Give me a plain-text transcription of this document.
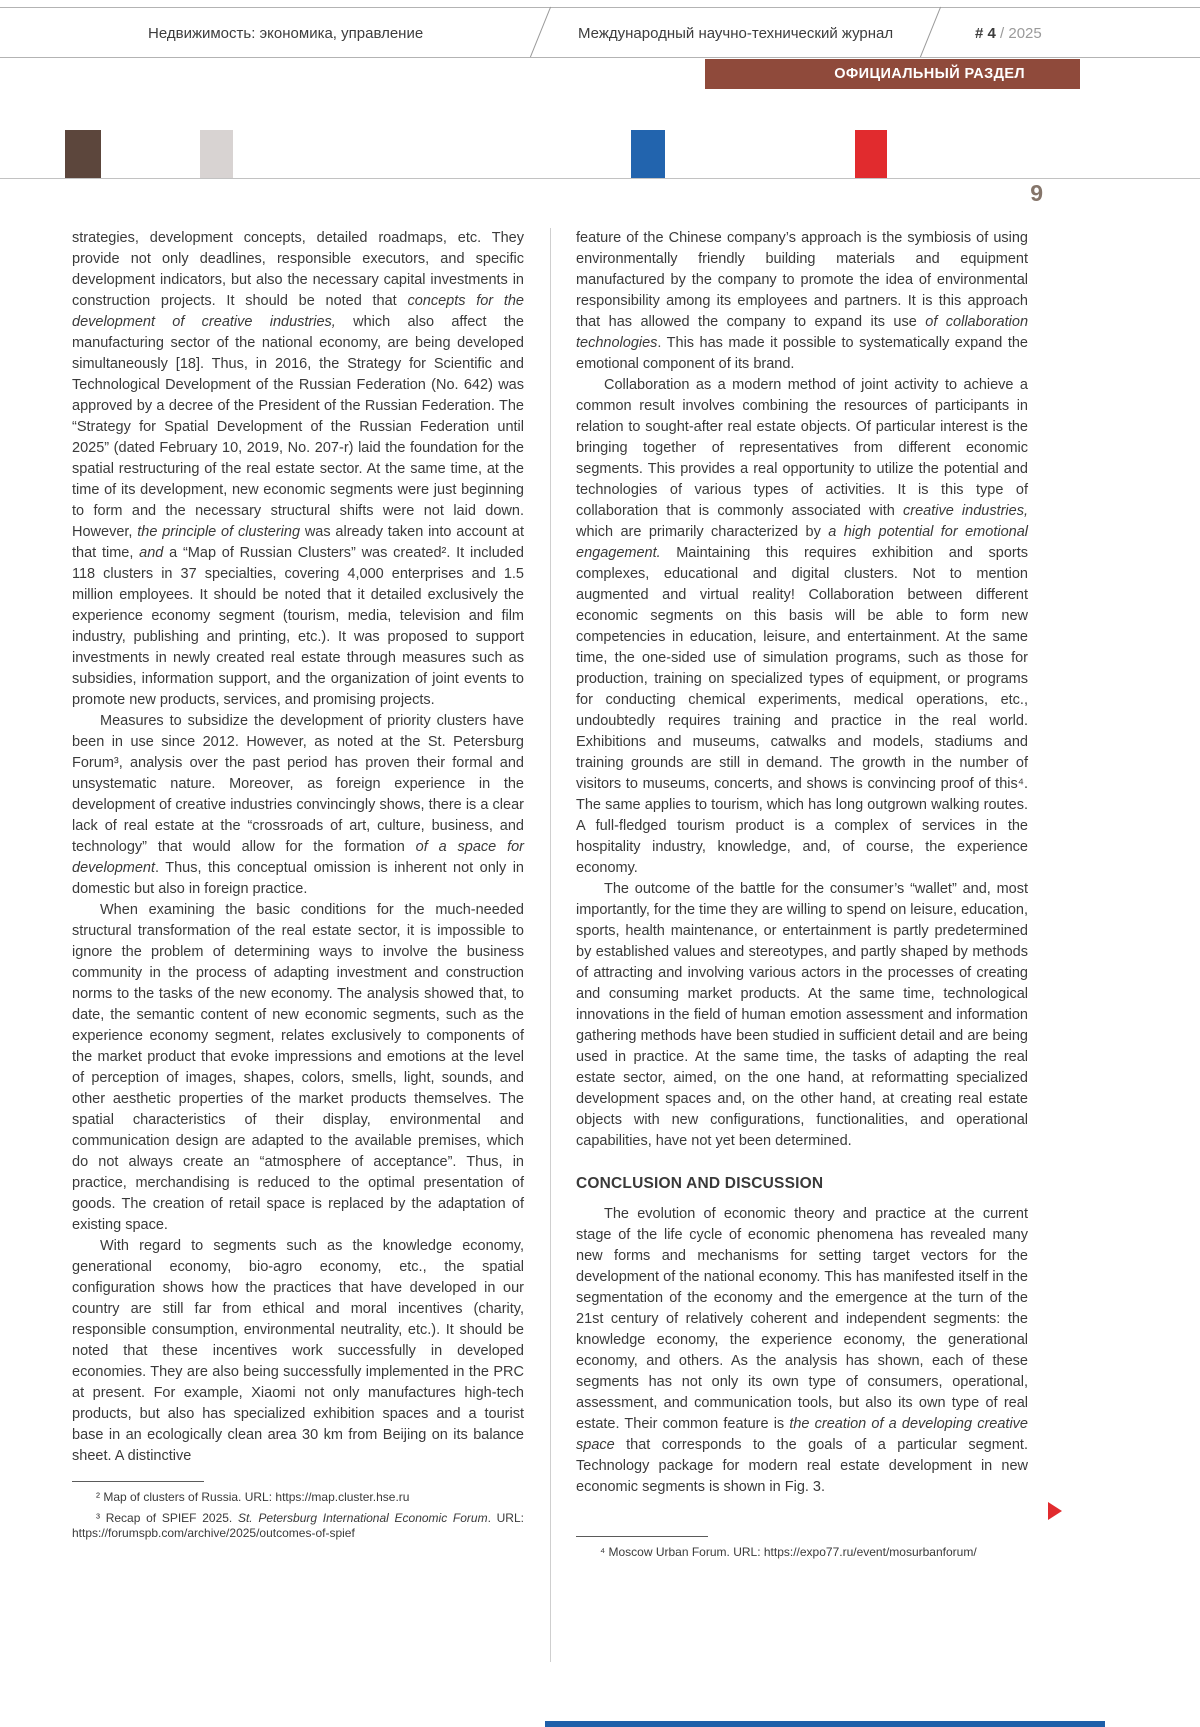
Недвижимость: экономика, управление	Международный научно-технический журнал	# 4 / 2025
ОФИЦИАЛЬНЫЙ РАЗДЕЛ
9

strategies, development concepts, detailed roadmaps, etc. They provide not only deadlines, responsible executors, and specific development indicators, but also the necessary capital investments in construction projects. It should be noted that concepts for the development of creative industries, which also affect the manufacturing sector of the national economy, are being developed simultaneously [18]. Thus, in 2016, the Strategy for Scientific and Technological Development of the Russian Federation (No. 642) was approved by a decree of the President of the Russian Federation. The “Strategy for Spatial Development of the Russian Federation until 2025” (dated February 10, 2019, No. 207-r) laid the foundation for the spatial restructuring of the real estate sector. At the same time, at the time of its development, new economic segments were just beginning to form and the necessary structural shifts were not laid down. However, the principle of clustering was already taken into account at that time, and a “Map of Russian Clusters” was created². It included 118 clusters in 37 specialties, covering 4,000 enterprises and 1.5 million employees. It should be noted that it detailed exclusively the experience economy segment (tourism, media, television and film industry, publishing and printing, etc.). It was proposed to support investments in newly created real estate through measures such as subsidies, information support, and the organization of joint events to promote new products, services, and promising projects.

Measures to subsidize the development of priority clusters have been in use since 2012. However, as noted at the St. Petersburg Forum³, analysis over the past period has proven their formal and unsystematic nature. Moreover, as foreign experience in the development of creative industries convincingly shows, there is a clear lack of real estate at the “crossroads of art, culture, business, and technology” that would allow for the formation of a space for development. Thus, this conceptual omission is inherent not only in domestic but also in foreign practice.

When examining the basic conditions for the much-needed structural transformation of the real estate sector, it is impossible to ignore the problem of determining ways to involve the business community in the process of adapting investment and construction norms to the tasks of the new economy. The analysis showed that, to date, the semantic content of new economic segments, such as the experience economy segment, relates exclusively to components of the market product that evoke impressions and emotions at the level of perception of images, shapes, colors, smells, light, sounds, and other aesthetic properties of the market products themselves. The spatial characteristics of their display, environmental and communication design are adapted to the available premises, which do not always create an “atmosphere of acceptance”. Thus, in practice, merchandising is reduced to the optimal presentation of goods. The creation of retail space is replaced by the adaptation of existing space.

With regard to segments such as the knowledge economy, generational economy, bio-agro economy, etc., the spatial configuration shows how the practices that have developed in our country are still far from ethical and moral incentives (charity, responsible consumption, environmental neutrality, etc.). It should be noted that these incentives work successfully in developed economies. They are also being successfully implemented in the PRC at present. For example, Xiaomi not only manufactures high-tech products, but also has specialized exhibition spaces and a tourist base in an ecologically clean area 30 km from Beijing on its balance sheet. A distinctive

² Map of clusters of Russia. URL: https://map.cluster.hse.ru

³ Recap of SPIEF 2025. St. Petersburg International Economic Forum. URL: https://forumspb.com/archive/2025/outcomes-of-spief

feature of the Chinese company’s approach is the symbiosis of using environmentally friendly building materials and equipment manufactured by the company to promote the idea of environmental responsibility among its employees and partners. It is this approach that has allowed the company to expand its use of collaboration technologies. This has made it possible to systematically expand the emotional component of its brand.

Collaboration as a modern method of joint activity to achieve a common result involves combining the resources of participants in relation to sought-after real estate objects. Of particular interest is the bringing together of representatives from different economic segments. This provides a real opportunity to utilize the potential and technologies of various types of activities. It is this type of collaboration that is commonly associated with creative industries, which are primarily characterized by a high potential for emotional engagement. Maintaining this requires exhibition and sports complexes, educational and digital clusters. Not to mention augmented and virtual reality! Collaboration between different economic segments on this basis will be able to form new competencies in education, leisure, and entertainment. At the same time, the one-sided use of simulation programs, such as those for production, training on specialized types of equipment, or programs for conducting chemical experiments, medical operations, etc., undoubtedly requires training and practice in the real world. Exhibitions and museums, catwalks and models, stadiums and training grounds are still in demand. The growth in the number of visitors to museums, concerts, and shows is convincing proof of this⁴. The same applies to tourism, which has long outgrown walking routes. A full-fledged tourism product is a complex of services in the hospitality industry, knowledge, and, of course, the experience economy.

The outcome of the battle for the consumer’s “wallet” and, most importantly, for the time they are willing to spend on leisure, education, sports, health maintenance, or entertainment is partly predetermined by established values and stereotypes, and partly shaped by methods of attracting and involving various actors in the processes of creating and consuming market products. At the same time, technological innovations in the field of human emotion assessment and information gathering methods have been studied in sufficient detail and are being used in practice. At the same time, the tasks of adapting the real estate sector, aimed, on the one hand, at reformatting specialized development spaces and, on the other hand, at creating real estate objects with new configurations, functionalities, and operational capabilities, have not yet been determined.

CONCLUSION AND DISCUSSION

The evolution of economic theory and practice at the current stage of the life cycle of economic phenomena has revealed many new forms and mechanisms for setting target vectors for the development of the national economy. This has manifested itself in the segmentation of the economy and the emergence at the turn of the 21st century of relatively coherent and independent segments: the knowledge economy, the experience economy, the generational economy, and others. As the analysis has shown, each of these segments has not only its own type of consumers, operational, assessment, and communication tools, but also its own type of real estate. Their common feature is the creation of a developing creative space that corresponds to the goals of a particular segment. Technology package for modern real estate development in new economic segments is shown in Fig. 3.

⁴ Moscow Urban Forum. URL: https://expo77.ru/event/mosurbanforum/
